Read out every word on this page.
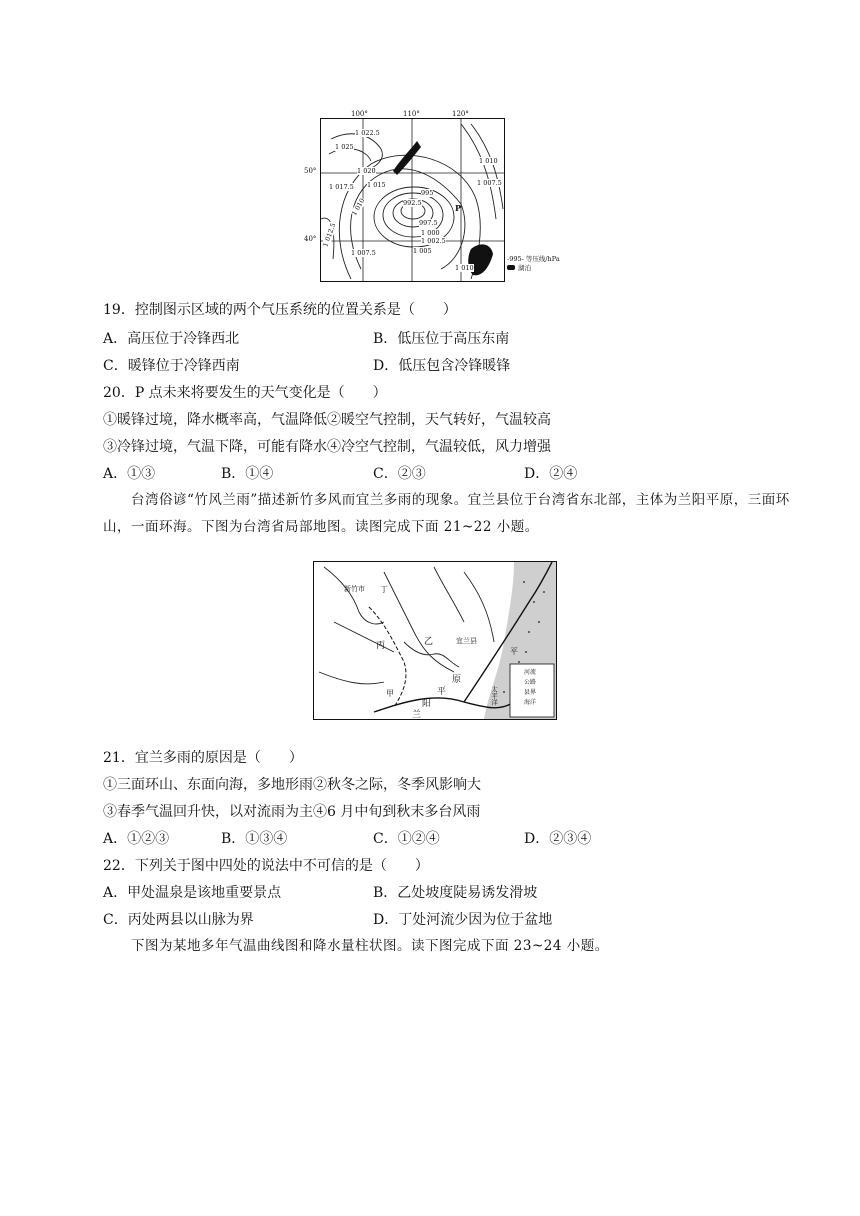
100°	110°	120°
50°
40°
1 022.5
1 025
1 020
1 017.5 1 015
1 010
995
992.5
997.5
1 000
1 002.5
1 005
1 007.5
1 012.5
1 007.5
1 010
1 010
P
-995- 等压线/hPa
湖泊
19．控制图示区域的两个气压系统的位置关系是（　　）
A．高压位于冷锋西北	B．低压位于高压东南
C．暖锋位于冷锋西南	D．低压包含冷锋暖锋
20．P 点未来将要发生的天气变化是（　　）
①暖锋过境，降水概率高，气温降低②暖空气控制，天气转好，气温较高
③冷锋过境，气温下降，可能有降水④冷空气控制，气温较低，风力增强
A．①③	B．①④	C．②③	D．②④
台湾俗谚“竹风兰雨”描述新竹多风而宜兰多雨的现象。宜兰县位于台湾省东北部，主体为兰阳平原，三面环山，一面环海。下图为台湾省局部地图。读图完成下面 21~22 小题。
新竹市 丁
丙	乙	宜兰县
甲
原
平
阳
兰
平
太平洋
河流
公路
县界
海洋
21．宜兰多雨的原因是（　　）
①三面环山、东面向海，多地形雨②秋冬之际，冬季风影响大
③春季气温回升快，以对流雨为主④6 月中旬到秋末多台风雨
A．①②③	B．①③④	C．①②④	D．②③④
22．下列关于图中四处的说法中不可信的是（　　）
A．甲处温泉是该地重要景点	B．乙处坡度陡易诱发滑坡
C．丙处两县以山脉为界	D．丁处河流少因为位于盆地
下图为某地多年气温曲线图和降水量柱状图。读下图完成下面 23~24 小题。
